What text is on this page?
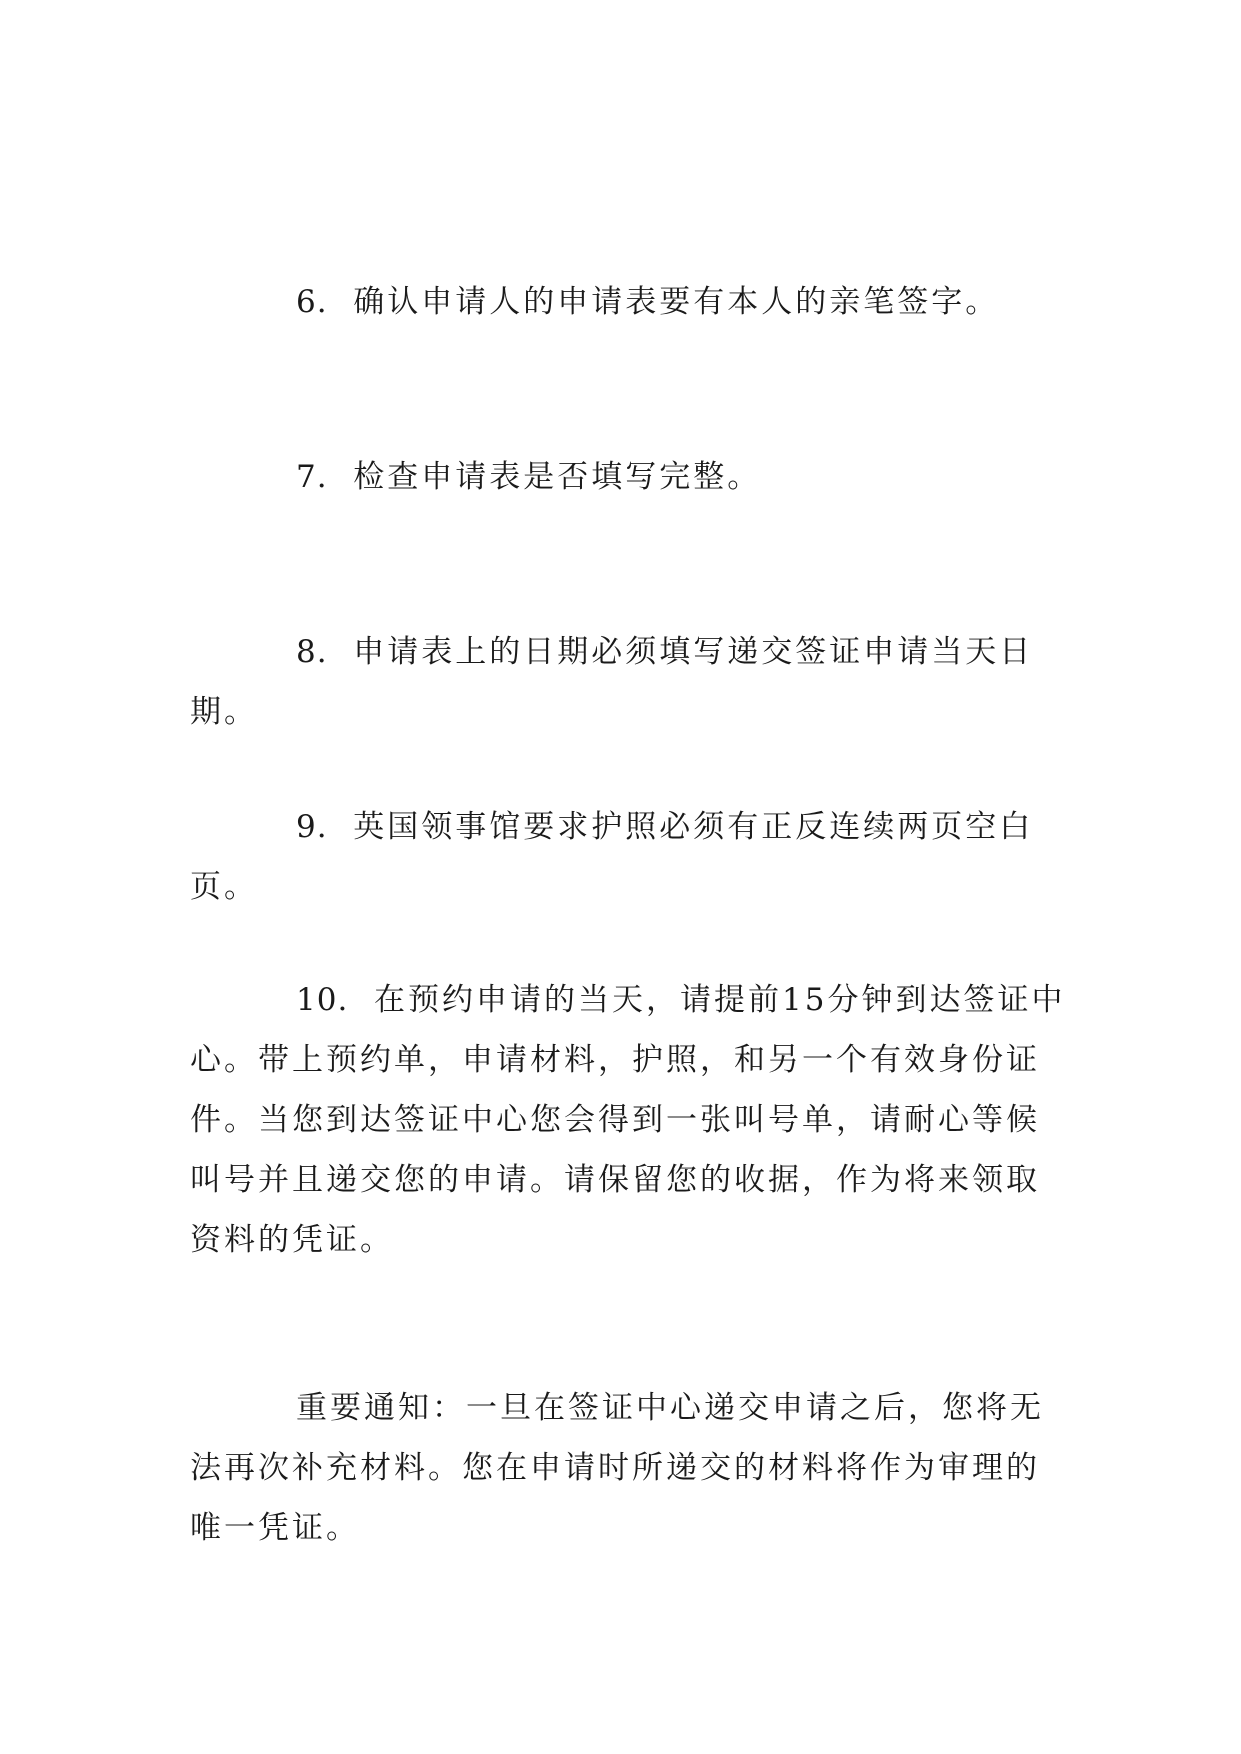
6. 确认申请人的申请表要有本人的亲笔签字。

7. 检查申请表是否填写完整。

8. 申请表上的日期必须填写递交签证申请当天日期。

9. 英国领事馆要求护照必须有正反连续两页空白页。

10. 在预约申请的当天，请提前15分钟到达签证中心。带上预约单，申请材料，护照，和另一个有效身份证件。当您到达签证中心您会得到一张叫号单，请耐心等候叫号并且递交您的申请。请保留您的收据，作为将来领取资料的凭证。

重要通知：一旦在签证中心递交申请之后，您将无法再次补充材料。您在申请时所递交的材料将作为审理的唯一凭证。
